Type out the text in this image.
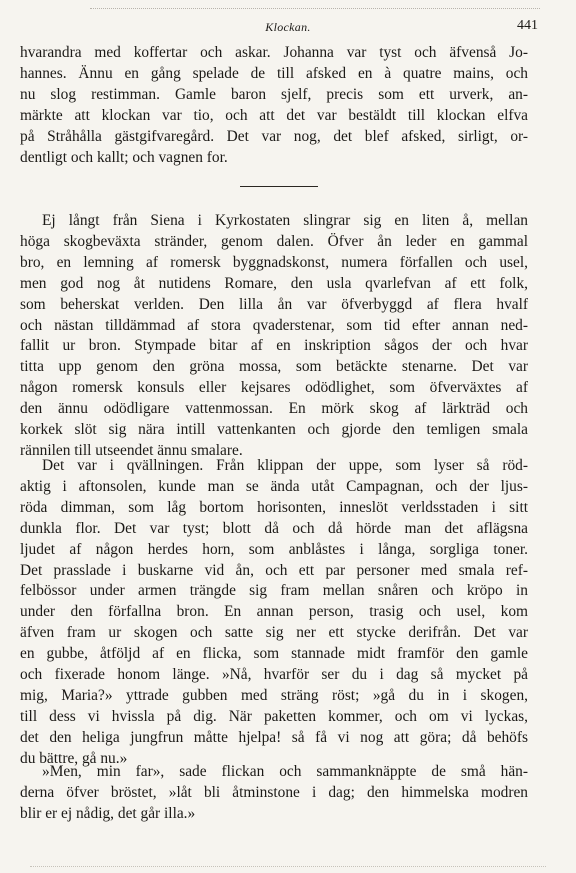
Klockan.	441
hvarandra med koffertar och askar. Johanna var tyst och äfvenså Jo-
hannes. Ännu en gång spelade de till afsked en à quatre mains, och
nu slog restimman. Gamle baron sjelf, precis som ett urverk, an-
märkte att klockan var tio, och att det var bestäldt till klockan elfva
på Stråhålla gästgifvaregård. Det var nog, det blef afsked, sirligt, or-
dentligt och kallt; och vagnen for.
Ej långt från Siena i Kyrkostaten slingrar sig en liten å, mellan
höga skogbeväxta stränder, genom dalen. Öfver ån leder en gammal
bro, en lemning af romersk byggnadskonst, numera förfallen och usel,
men god nog åt nutidens Romare, den usla qvarlefvan af ett folk,
som beherskat verlden. Den lilla ån var öfverbyggd af flera hvalf
och nästan tilldämmad af stora qvaderstenar, som tid efter annan ned-
fallit ur bron. Stympade bitar af en inskription sågos der och hvar
titta upp genom den gröna mossa, som betäckte stenarne. Det var
någon romersk konsuls eller kejsares odödlighet, som öfverväxtes af
den ännu odödligare vattenmossan. En mörk skog af lärkträd och
korkek slöt sig nära intill vattenkanten och gjorde den temligen smala
rännilen till utseendet ännu smalare.
Det var i qvällningen. Från klippan der uppe, som lyser så röd-
aktig i aftonsolen, kunde man se ända utåt Campagnan, och der ljus-
röda dimman, som låg bortom horisonten, inneslöt verldsstaden i sitt
dunkla flor. Det var tyst; blott då och då hörde man det aflägsna
ljudet af någon herdes horn, som anblåstes i långa, sorgliga toner.
Det prasslade i buskarne vid ån, och ett par personer med smala ref-
felbössor under armen trängde sig fram mellan snåren och kröpo in
under den förfallna bron. En annan person, trasig och usel, kom
äfven fram ur skogen och satte sig ner ett stycke derifrån. Det var
en gubbe, åtföljd af en flicka, som stannade midt framför den gamle
och fixerade honom länge. »Nå, hvarför ser du i dag så mycket på
mig, Maria?» yttrade gubben med sträng röst; »gå du in i skogen,
till dess vi hvissla på dig. När paketten kommer, och om vi lyckas,
det den heliga jungfrun måtte hjelpa! så få vi nog att göra; då behöfs
du bättre, gå nu.»
»Men, min far», sade flickan och sammanknäppte de små hän-
derna öfver bröstet, »låt bli åtminstone i dag; den himmelska modren
blir er ej nådig, det går illa.»
